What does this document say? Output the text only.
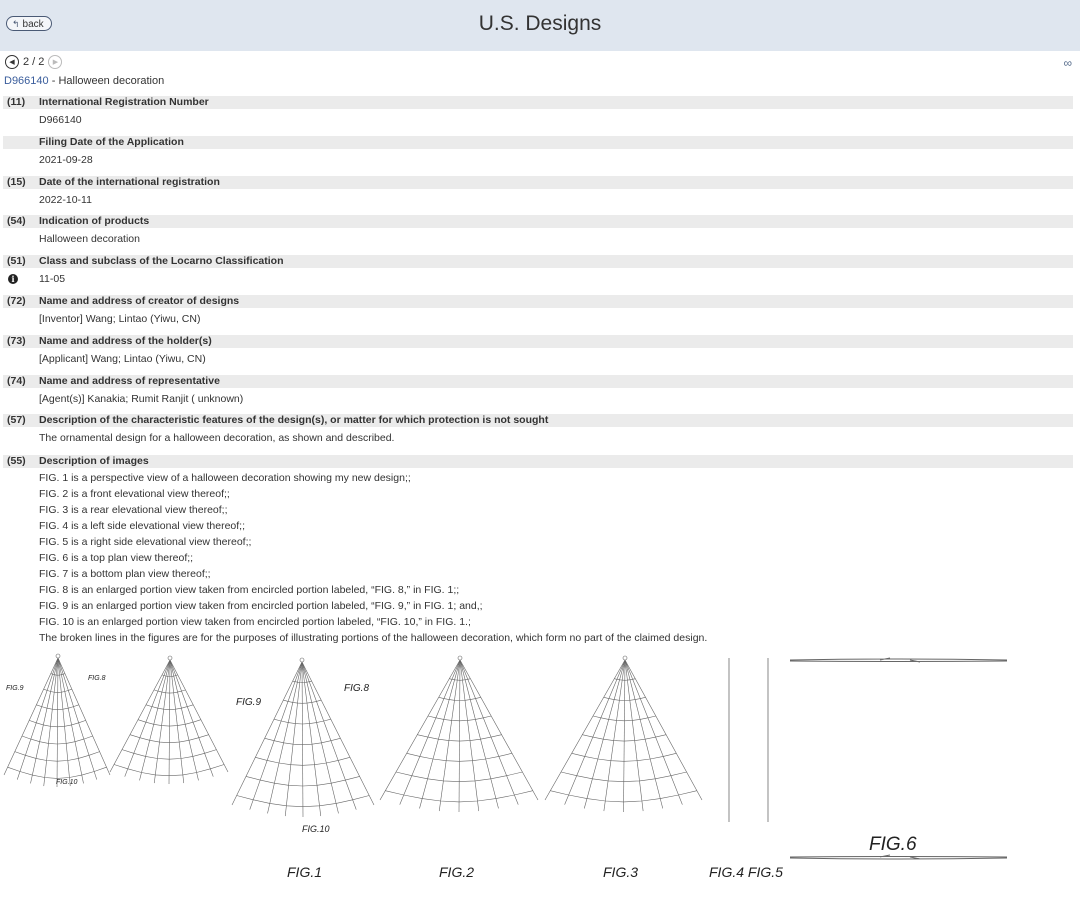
↰ back	U.S. Designs
◀ 2 / 2	▶	∞
D966140 - Halloween decoration
(11)	International Registration Number
D966140
Filing Date of the Application
2021-09-28
(15)	Date of the international registration
2022-10-11
(54)	Indication of products
Halloween decoration
(51)	Class and subclass of the Locarno Classification
i	11-05
(72)	Name and address of creator of designs
[Inventor] Wang; Lintao (Yiwu, CN)
(73)	Name and address of the holder(s)
[Applicant] Wang; Lintao (Yiwu, CN)
(74)	Name and address of representative
[Agent(s)] Kanakia; Rumit Ranjit ( unknown)
(57)	Description of the characteristic features of the design(s), or matter for which protection is not sought
The ornamental design for a halloween decoration, as shown and described.
(55)	Description of images
FIG. 1 is a perspective view of a halloween decoration showing my new design;;
FIG. 2 is a front elevational view thereof;;
FIG. 3 is a rear elevational view thereof;;
FIG. 4 is a left side elevational view thereof;;
FIG. 5 is a right side elevational view thereof;;
FIG. 6 is a top plan view thereof;;
FIG. 7 is a bottom plan view thereof;;
FIG. 8 is an enlarged portion view taken from encircled portion labeled, “FIG. 8,” in FIG. 1;;
FIG. 9 is an enlarged portion view taken from encircled portion labeled, “FIG. 9,” in FIG. 1; and,;
FIG. 10 is an enlarged portion view taken from encircled portion labeled, “FIG. 10,” in FIG. 1.;
The broken lines in the figures are for the purposes of illustrating portions of the halloween decoration, which form no part of the claimed design.
FIG.9
FIG.8
FIG.10
FIG.9
FIG.8
FIG.10
FIG.1	FIG.2	FIG.3	FIG.4 FIG.5
FIG.6
